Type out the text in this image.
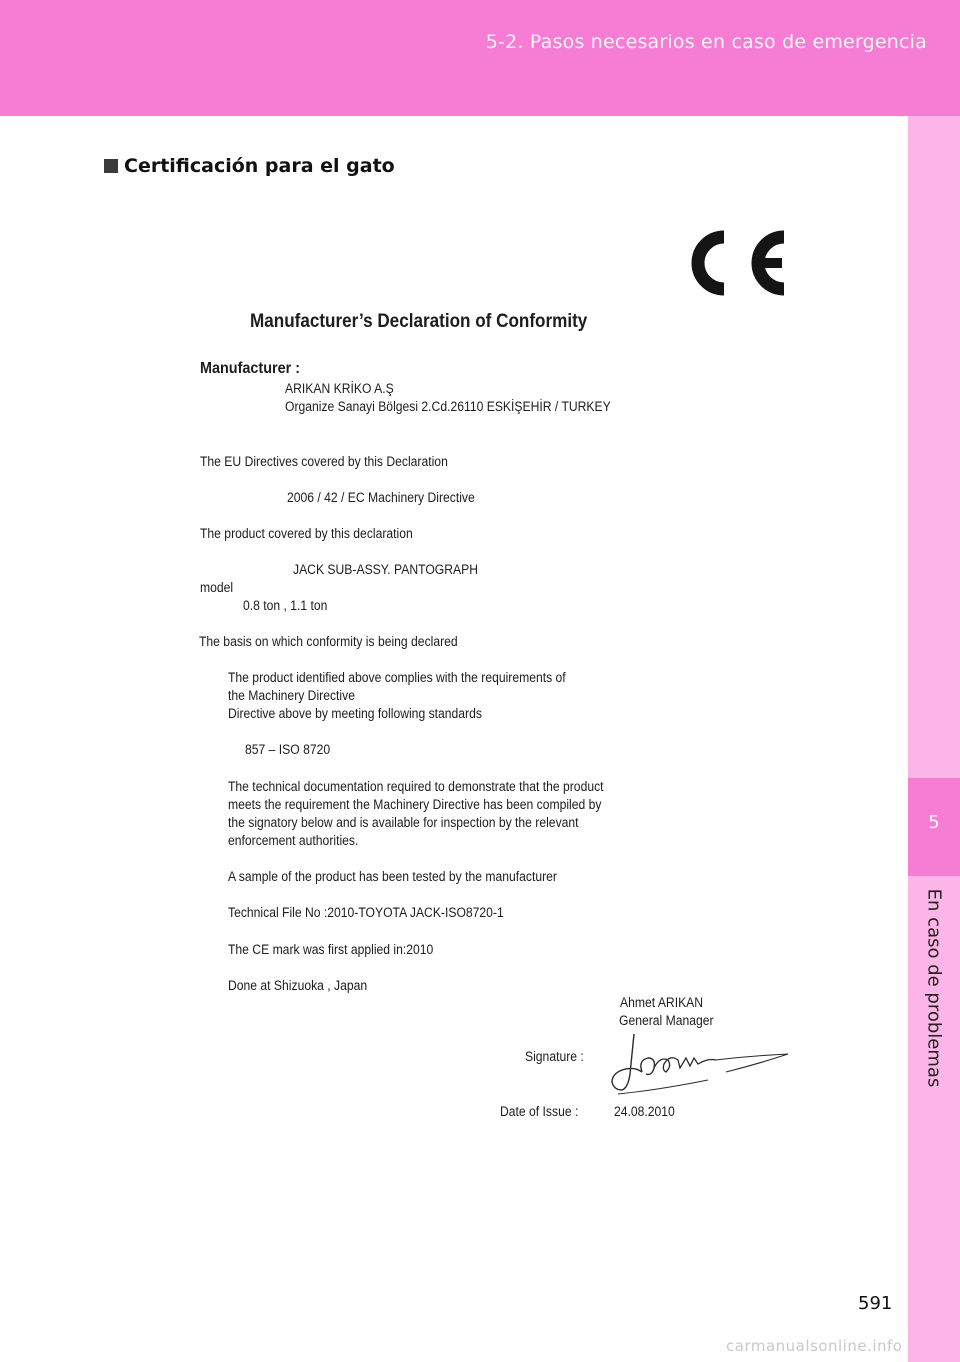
5-2. Pasos necesarios en caso de emergencia
5
En caso de problemas
Certificación para el gato
Manufacturer’s Declaration of Conformity
Manufacturer :
ARIKAN KRİKO A.Ş
Organize Sanayi Bölgesi 2.Cd.26110 ESKİŞEHİR / TURKEY
The EU Directives covered by this Declaration
2006 / 42 / EC Machinery Directive
The product covered by this declaration
JACK SUB-ASSY. PANTOGRAPH
model
0.8 ton , 1.1 ton
The basis on which conformity is being declared
The product identified above complies with the requirements of
the Machinery Directive
Directive above by meeting following standards
857 – ISO 8720
The technical documentation required to demonstrate that the product
meets the requirement the Machinery Directive has been compiled by
the signatory below and is available for inspection by the relevant
enforcement authorities.
A sample of the product has been tested by the manufacturer
Technical File No :2010-TOYOTA JACK-ISO8720-1
The CE mark was first applied in:2010
Done at Shizuoka , Japan
Ahmet ARIKAN
General Manager
Signature :
Date of Issue :	24.08.2010
591
carmanualsonline.info
